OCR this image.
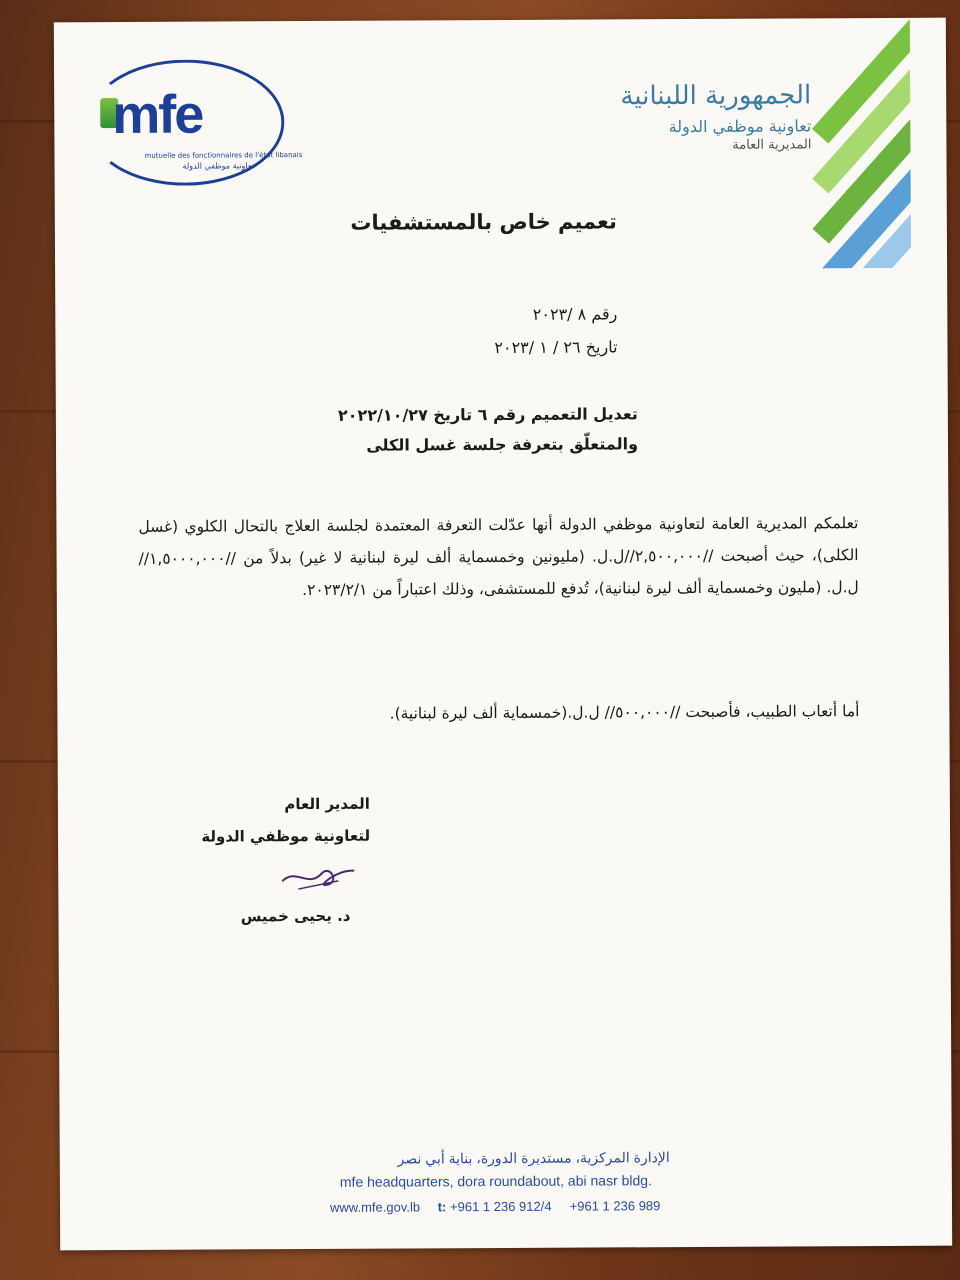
mfe
mutuelle des fonctionnaires de l'état libanais
تعاونية موظفي الدولة
الجمهورية اللبنانية
تعاونية موظفي الدولة
المديرية العامة
تعميم خاص بالمستشفيات
رقم ٨ /٢٠٢٣
تاريخ ٢٦ / ١ /٢٠٢٣
تعديل التعميم رقم ٦ تاريخ ٢٠٢٢/١٠/٢٧
والمتعلّق بتعرفة جلسة غسل الكلى
تعلمكم المديرية العامة لتعاونية موظفي الدولة أنها عدّلت التعرفة المعتمدة لجلسة العلاج بالتحال الكلوي (غسل الكلى)، حيث أصبحت //٢,٥٠٠,٠٠٠//ل.ل. (مليونين وخمسماية ألف ليرة لبنانية لا غير) بدلاً من //١,٥٠٠٠,٠٠٠//ل.ل. (مليون وخمسماية ألف ليرة لبنانية)، تُدفع للمستشفى، وذلك اعتباراً من ٢٠٢٣/٢/١.
أما أتعاب الطبيب، فأصبحت //٥٠٠,٠٠٠// ل.ل.(خمسماية ألف ليرة لبنانية).
المدير العام
لتعاونية موظفي الدولة
د. يحيى خميس
الإدارة المركزية، مستديرة الدورة، بناية أبي نصر
mfe headquarters, dora roundabout, abi nasr bldg.
www.mfe.gov.lb t: +961 1 236 912/4 +961 1 236 989
